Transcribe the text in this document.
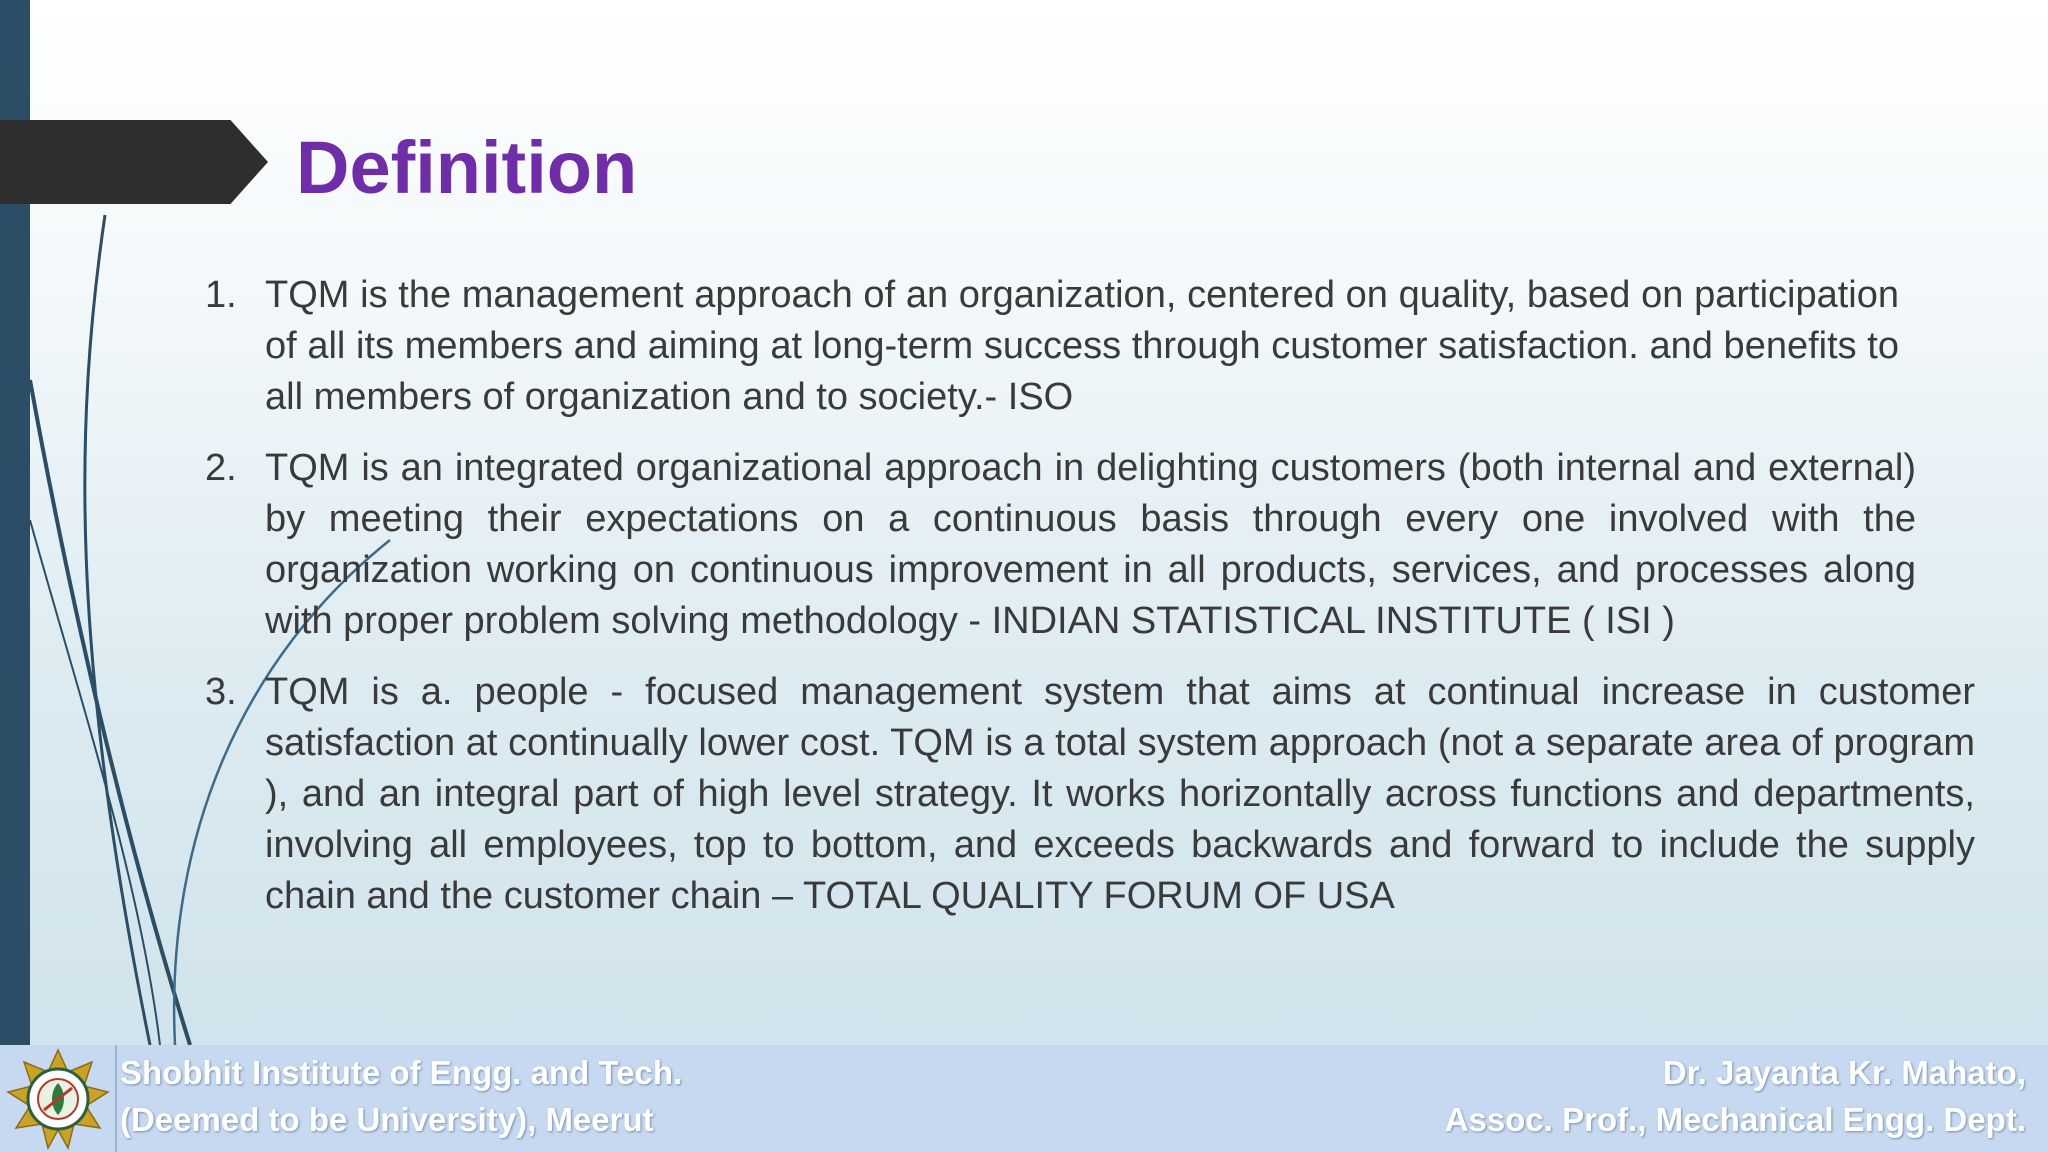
Definition
1. TQM is the management approach of an organization, centered on quality, based on participation of all its members and aiming at long-term success through customer satisfaction. and benefits to all members of organization and to society.- ISO
2. TQM is an integrated organizational approach in delighting customers (both internal and external) by meeting their expectations on a continuous basis through every one involved with the organization working on continuous improvement in all products, services, and processes along with proper problem solving methodology - INDIAN STATISTICAL INSTITUTE ( ISI )
3. TQM is a. people - focused management system that aims at continual increase in customer satisfaction at continually lower cost. TQM is a total system approach (not a separate area of program ), and an integral part of high level strategy. It works horizontally across functions and departments, involving all employees, top to bottom, and exceeds backwards and forward to include the supply chain and the customer chain – TOTAL QUALITY FORUM OF USA

Shobhit Institute of Engg. and Tech.
(Deemed to be University), Meerut

Dr. Jayanta Kr. Mahato,
Assoc. Prof., Mechanical Engg. Dept.
